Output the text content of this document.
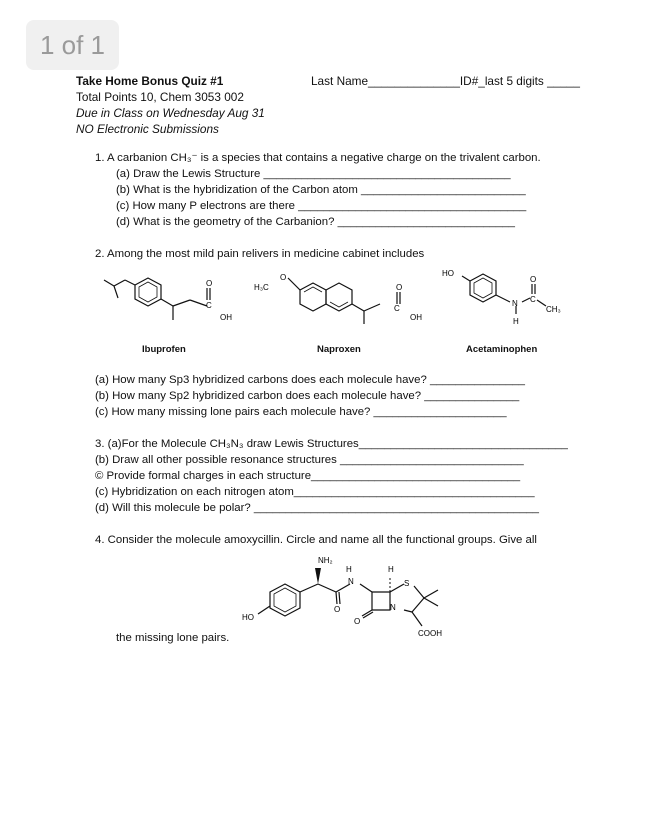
1 of 1
Take Home Bonus Quiz #1
Total Points 10, Chem 3053 002
Due in Class on Wednesday Aug 31
NO Electronic Submissions
Last Name______________ID#_last 5 digits _____
1. A carbanion CH₃⁻ is a species that contains a negative charge on the trivalent carbon.
(a) Draw the Lewis Structure _______________________________________
(b) What is the hybridization of the Carbon atom __________________________
(c) How many P electrons are there ____________________________________
(d) What is the geometry of the Carbanion? ____________________________
2. Among the most mild pain relivers in medicine cabinet includes
O
C
OH
Ibuprofen
H₃C
O
O
C
OH
Naproxen
HO
N
H
C
O
CH₃
Acetaminophen
(a) How many Sp3 hybridized carbons does each molecule have? _______________
(b) How many Sp2 hybridized carbon does each molecule have? _______________
(c) How many missing lone pairs each molecule have? _____________________
3. (a)For the Molecule CH₃N₃ draw Lewis Structures_________________________________
(b) Draw all other possible resonance structures _____________________________
© Provide formal charges in each structure_________________________________
(c) Hybridization on each nitrogen atom______________________________________
(d) Will this molecule be polar? _____________________________________________
4. Consider the molecule amoxycillin. Circle and name all the functional groups. Give all
NH₂
H
N
H
S
N
HO
O
O
COOH
the missing lone pairs.
